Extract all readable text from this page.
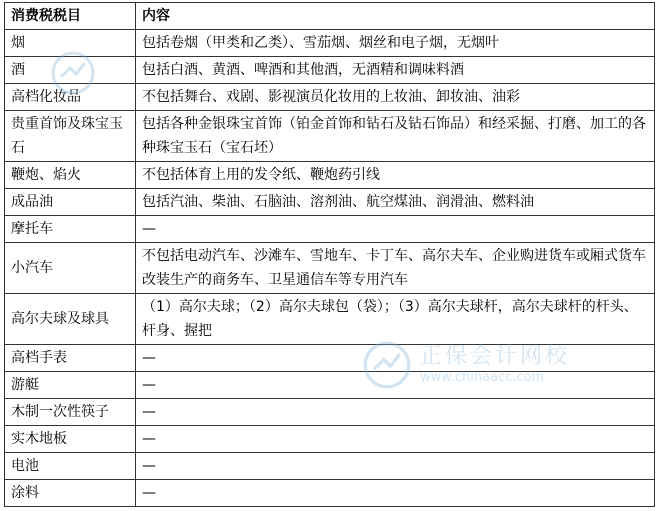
消费税税目	内容
烟	包括卷烟（甲类和乙类）、雪茄烟、烟丝和电子烟，无烟叶
酒	包括白酒、黄酒、啤酒和其他酒，无酒精和调味料酒
高档化妆品	不包括舞台、戏剧、影视演员化妆用的上妆油、卸妆油、油彩
贵重首饰及珠宝玉石	包括各种金银珠宝首饰（铂金首饰和钻石及钻石饰品）和经采掘、打磨、加工的各种珠宝玉石（宝石坯）
鞭炮、焰火	不包括体育上用的发令纸、鞭炮药引线
成品油	包括汽油、柴油、石脑油、溶剂油、航空煤油、润滑油、燃料油
摩托车	—
小汽车	不包括电动汽车、沙滩车、雪地车、卡丁车、高尔夫车、企业购进货车或厢式货车改装生产的商务车、卫星通信车等专用汽车
高尔夫球及球具	（1）高尔夫球；（2）高尔夫球包（袋）；（3）高尔夫球杆，高尔夫球杆的杆头、杆身、握把
高档手表	—
游艇	—
木制一次性筷子	—
实木地板	—
电池	—
涂料	—
正保会计网校
www.chinaacc.com
